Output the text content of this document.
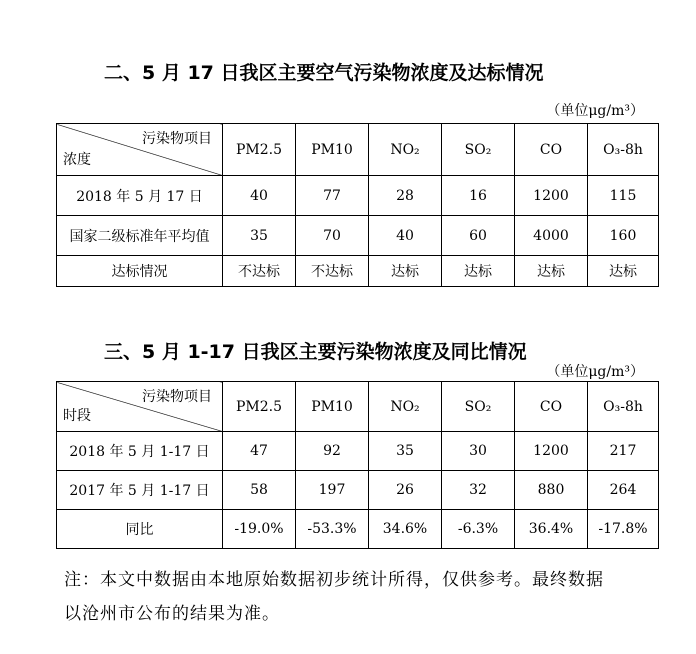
二、5 月 17 日我区主要空气污染物浓度及达标情况
（单位μg/m³）
污染物项目
浓度	PM2.5	PM10	NO₂	SO₂	CO	O₃-8h
2018 年 5 月 17 日	40	77	28	16	1200	115
国家二级标准年平均值	35	70	40	60	4000	160
达标情况	不达标	不达标	达标	达标	达标	达标
三、5 月 1-17 日我区主要污染物浓度及同比情况
（单位μg/m³）
污染物项目
时段	PM2.5	PM10	NO₂	SO₂	CO	O₃-8h
2018 年 5 月 1-17 日	47	92	35	30	1200	217
2017 年 5 月 1-17 日	58	197	26	32	880	264
同比	-19.0%	-53.3%	34.6%	-6.3%	36.4%	-17.8%
注：本文中数据由本地原始数据初步统计所得，仅供参考。最终数据
以沧州市公布的结果为准。
